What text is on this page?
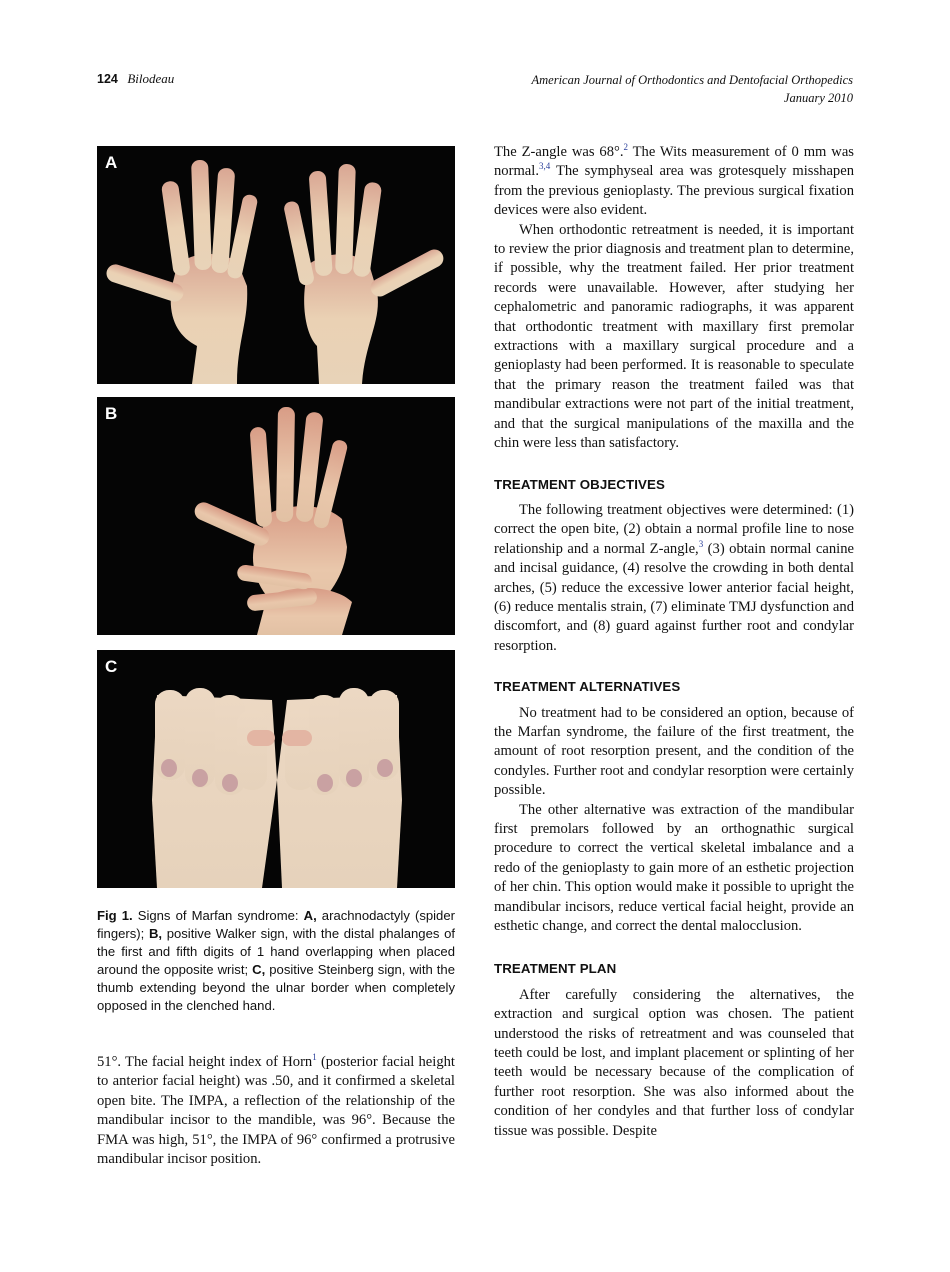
124 Bilodeau	American Journal of Orthodontics and Dentofacial Orthopedics
January 2010
A
B
C
Fig 1. Signs of Marfan syndrome: A, arachnodactyly (spider fingers); B, positive Walker sign, with the distal phalanges of the first and fifth digits of 1 hand overlapping when placed around the opposite wrist; C, positive Steinberg sign, with the thumb extending beyond the ulnar border when completely opposed in the clenched hand.

51°. The facial height index of Horn$^1$ (posterior facial height to anterior facial height) was .50, and it confirmed a skeletal open bite. The IMPA, a reflection of the relationship of the mandibular incisor to the mandible, was 96°. Because the FMA was high, 51°, the IMPA of 96° confirmed a protrusive mandibular incisor position.

The Z-angle was 68°.$^2$ The Wits measurement of 0 mm was normal.$^{3,4}$ The symphyseal area was grotesquely misshapen from the previous genioplasty. The previous surgical fixation devices were also evident.

When orthodontic retreatment is needed, it is important to review the prior diagnosis and treatment plan to determine, if possible, why the treatment failed. Her prior treatment records were unavailable. However, after studying her cephalometric and panoramic radiographs, it was apparent that orthodontic treatment with maxillary first premolar extractions with a maxillary surgical procedure and a genioplasty had been performed. It is reasonable to speculate that the primary reason the treatment failed was that mandibular extractions were not part of the initial treatment, and that the surgical manipulations of the maxilla and the chin were less than satisfactory.

TREATMENT OBJECTIVES

The following treatment objectives were determined: (1) correct the open bite, (2) obtain a normal profile line to nose relationship and a normal Z-angle,$^3$ (3) obtain normal canine and incisal guidance, (4) resolve the crowding in both dental arches, (5) reduce the excessive lower anterior facial height, (6) reduce mentalis strain, (7) eliminate TMJ dysfunction and discomfort, and (8) guard against further root and condylar resorption.

TREATMENT ALTERNATIVES

No treatment had to be considered an option, because of the Marfan syndrome, the failure of the first treatment, the amount of root resorption present, and the condition of the condyles. Further root and condylar resorption were certainly possible.

The other alternative was extraction of the mandibular first premolars followed by an orthognathic surgical procedure to correct the vertical skeletal imbalance and a redo of the genioplasty to gain more of an esthetic projection of her chin. This option would make it possible to upright the mandibular incisors, reduce vertical facial height, provide an esthetic change, and correct the dental malocclusion.

TREATMENT PLAN

After carefully considering the alternatives, the extraction and surgical option was chosen. The patient understood the risks of retreatment and was counseled that teeth could be lost, and implant placement or splinting of her teeth would be necessary because of the complication of further root resorption. She was also informed about the condition of her condyles and that further loss of condylar tissue was possible. Despite
